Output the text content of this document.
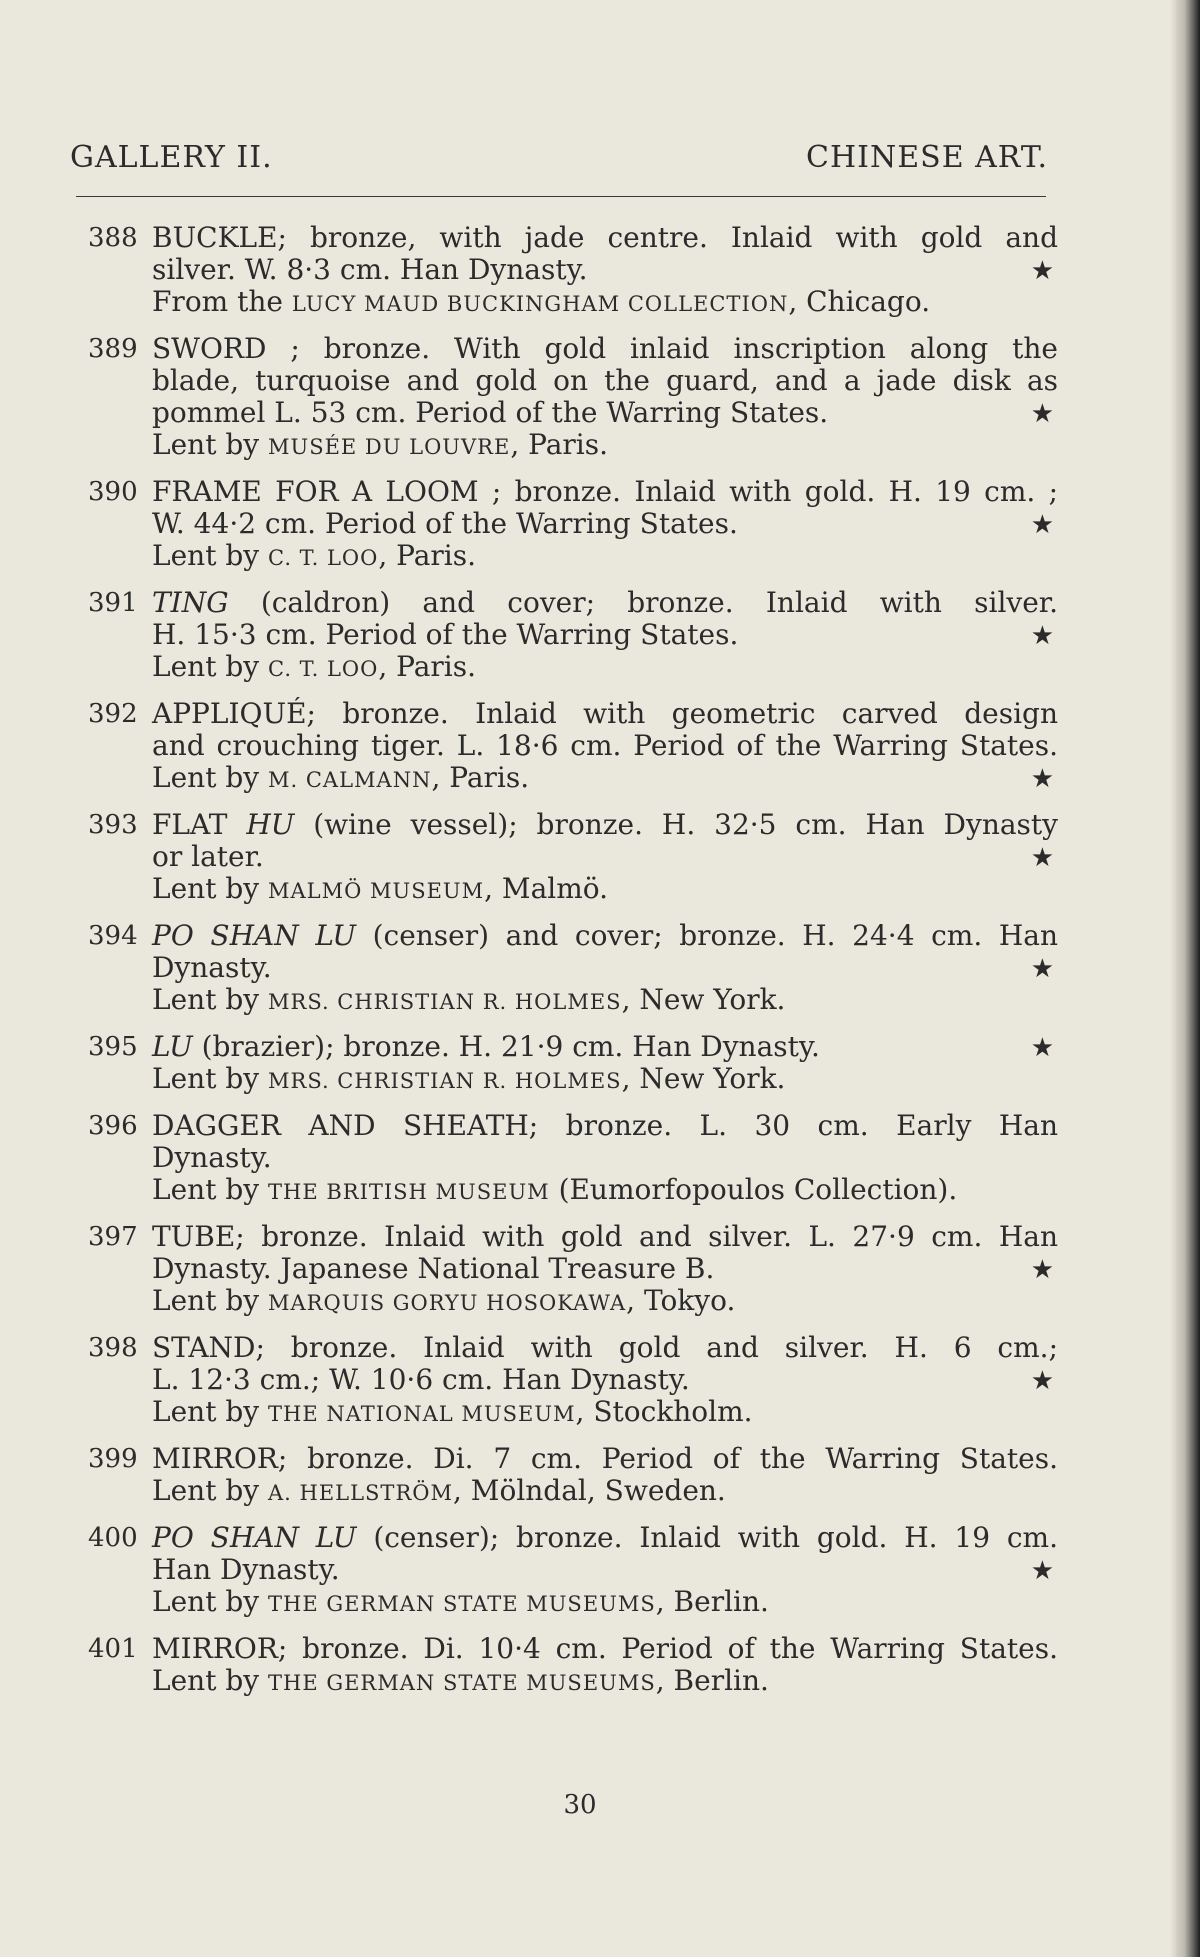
GALLERY II.	CHINESE ART.
388 BUCKLE; bronze, with jade centre. Inlaid with gold and
silver. W. 8·3 cm. Han Dynasty.	★
From the LUCY MAUD BUCKINGHAM COLLECTION, Chicago.
389 SWORD ; bronze. With gold inlaid inscription along the
blade, turquoise and gold on the guard, and a jade disk as
pommel L. 53 cm. Period of the Warring States.	★
Lent by MUSÉE DU LOUVRE, Paris.
390 FRAME FOR A LOOM ; bronze. Inlaid with gold. H. 19 cm. ;
W. 44·2 cm. Period of the Warring States.	★
Lent by C. T. LOO, Paris.
391 TING (caldron) and cover; bronze. Inlaid with silver.
H. 15·3 cm. Period of the Warring States.	★
Lent by C. T. LOO, Paris.
392 APPLIQUÉ; bronze. Inlaid with geometric carved design
and crouching tiger. L. 18·6 cm. Period of the Warring States.
Lent by M. CALMANN, Paris.	★
393 FLAT HU (wine vessel); bronze. H. 32·5 cm. Han Dynasty
or later.	★
Lent by MALMÖ MUSEUM, Malmö.
394 PO SHAN LU (censer) and cover; bronze. H. 24·4 cm. Han
Dynasty.	★
Lent by MRS. CHRISTIAN R. HOLMES, New York.
395 LU (brazier); bronze. H. 21·9 cm. Han Dynasty.	★
Lent by MRS. CHRISTIAN R. HOLMES, New York.
396 DAGGER AND SHEATH; bronze. L. 30 cm. Early Han
Dynasty.
Lent by THE BRITISH MUSEUM (Eumorfopoulos Collection).
397 TUBE; bronze. Inlaid with gold and silver. L. 27·9 cm. Han
Dynasty. Japanese National Treasure B.	★
Lent by MARQUIS GORYU HOSOKAWA, Tokyo.
398 STAND; bronze. Inlaid with gold and silver. H. 6 cm.;
L. 12·3 cm.; W. 10·6 cm. Han Dynasty.	★
Lent by THE NATIONAL MUSEUM, Stockholm.
399 MIRROR; bronze. Di. 7 cm. Period of the Warring States.
Lent by A. HELLSTRÖM, Mölndal, Sweden.
400 PO SHAN LU (censer); bronze. Inlaid with gold. H. 19 cm.
Han Dynasty.	★
Lent by THE GERMAN STATE MUSEUMS, Berlin.
401 MIRROR; bronze. Di. 10·4 cm. Period of the Warring States.
Lent by THE GERMAN STATE MUSEUMS, Berlin.
30
